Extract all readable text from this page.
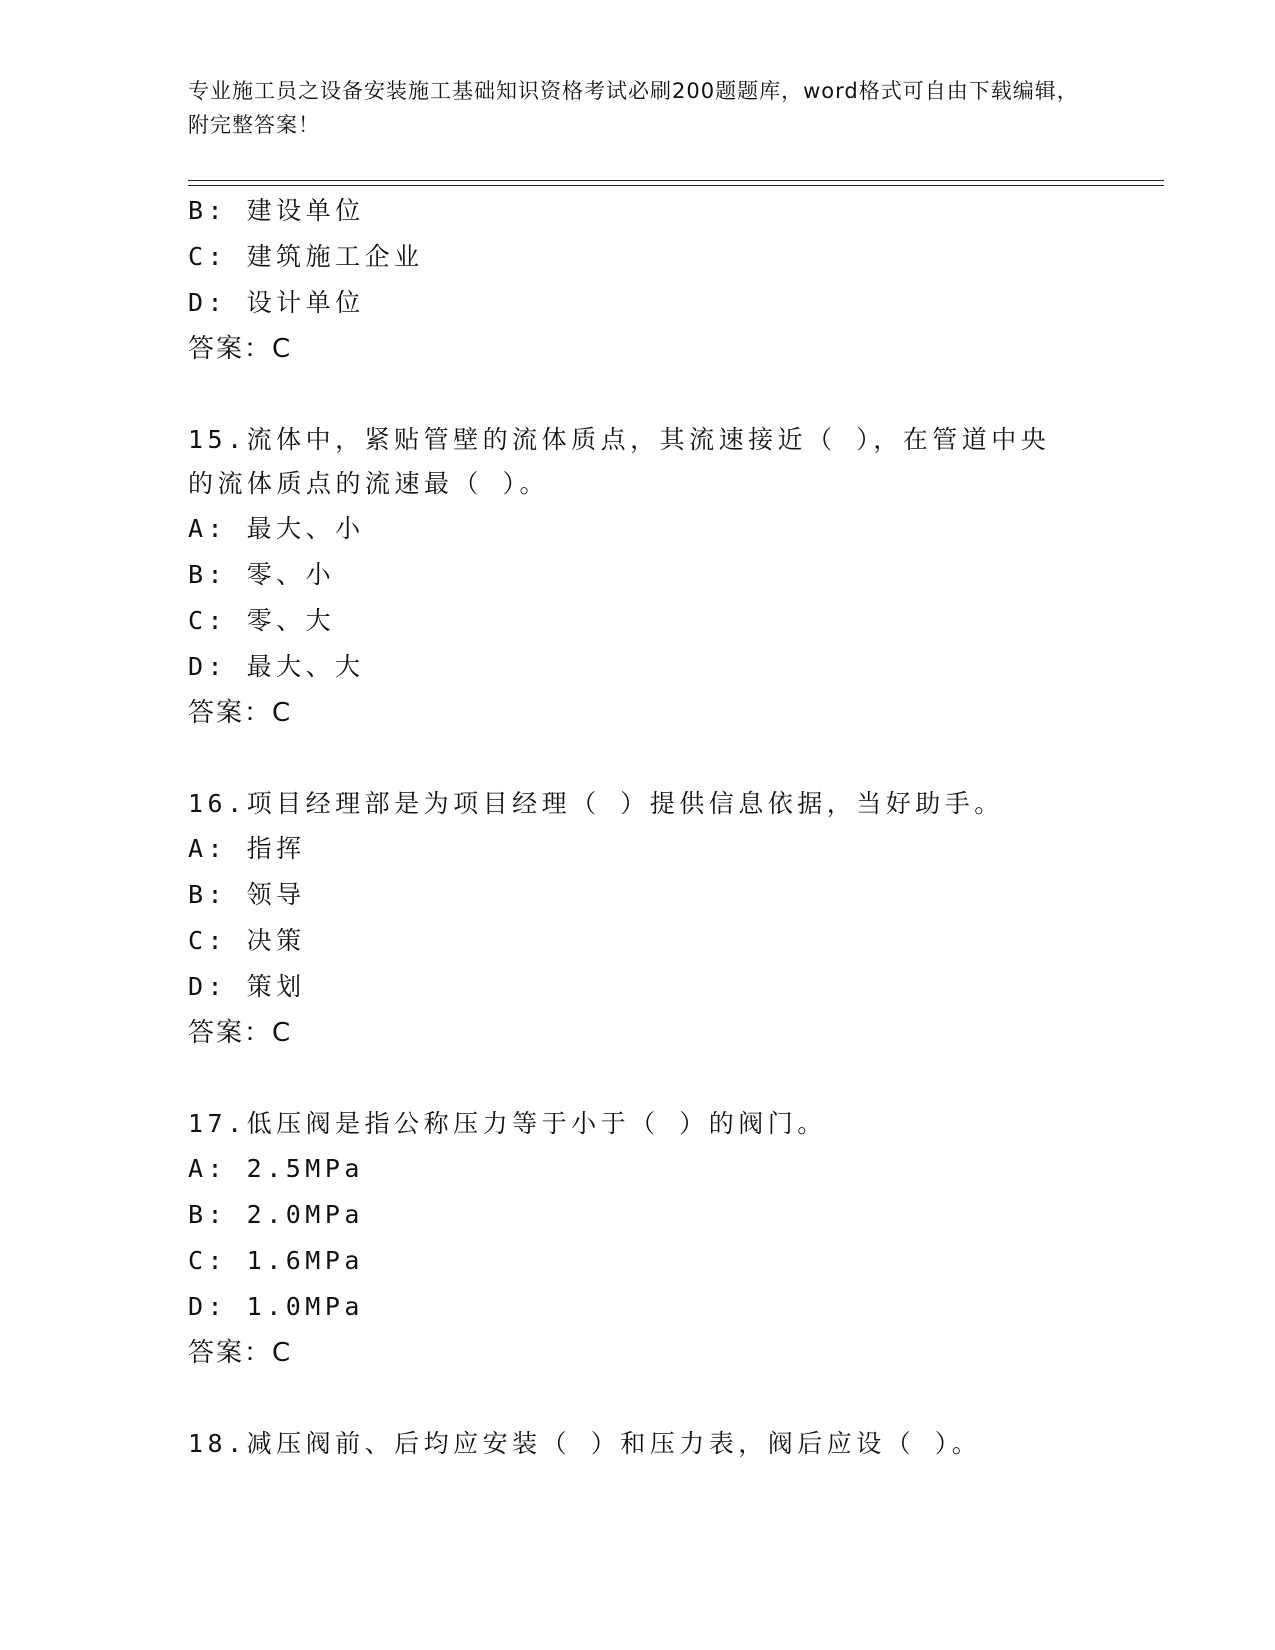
专业施工员之设备安装施工基础知识资格考试必刷200题题库，word格式可自由下载编辑，附完整答案！
B: 建设单位
C: 建筑施工企业
D: 设计单位
答案：C
15.流体中，紧贴管壁的流体质点，其流速接近（ ），在管道中央的流体质点的流速最（ ）。
A: 最大、小
B: 零、小
C: 零、大
D: 最大、大
答案：C
16.项目经理部是为项目经理（ ）提供信息依据，当好助手。
A: 指挥
B: 领导
C: 决策
D: 策划
答案：C
17.低压阀是指公称压力等于小于（ ）的阀门。
A: 2.5MPa
B: 2.0MPa
C: 1.6MPa
D: 1.0MPa
答案：C
18.减压阀前、后均应安装（ ）和压力表，阀后应设（ ）。
